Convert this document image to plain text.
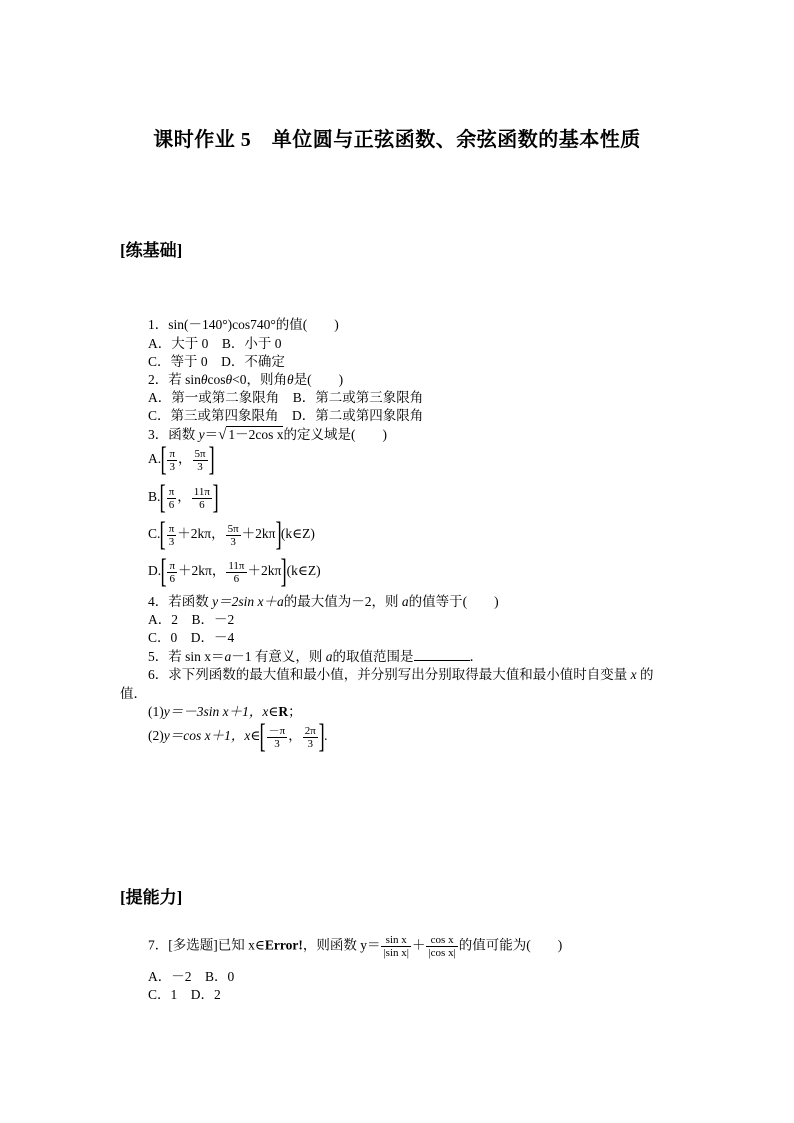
课时作业 5　单位圆与正弦函数、余弦函数的基本性质
[练基础]
1．sin(－140°)cos740°的值(　　)
A．大于 0　B．小于 0
C．等于 0　D．不确定
2．若 sinθcosθ<0，则角θ是(　　)
A．第一或第二象限角　B．第二或第三象限角
C．第三或第四象限角　D．第二或第四象限角
3．函数 y＝√ 1－2cos x的定义域是(　　)
$A.[ \frac{\pi}{3}$ ， $\frac{5\pi}{3}$ ]
$B.[ \frac{\pi}{6}$ ， $\frac{11\pi}{6}$ ]
$C.[ \frac{\pi}{3} +2k\pi$， $\frac{5\pi}{3}$ ＋2kπ](k∈Z)
$D.[ \frac{\pi}{6} +2k\pi$， $\frac{11\pi}{6}$ ＋2kπ](k∈Z)
4．若函数 y＝2sin x＋a的最大值为－2，则 a的值等于(　　)
A．2　B．－2
C．0　D．－4
5．若 sin x＝a－1 有意义，则 a的取值范围是	．
6．求下列函数的最大值和最小值，并分别写出分别取得最大值和最小值时自变量 x 的
值．
(1)y＝－3sin x＋1，x∈R；
(2)y＝cos x＋1，x∈[ $\frac{-\pi}{3}$ ， $\frac{2\pi}{3}$ ].
[提能力]
7．[多选题]已知 x∈Error!，则函数 $y= \frac{\text{sin x}}{\text{|sin x|}} + \frac{\text{cos x}}{\text{|cos x|}}$ 的值可能为(　　)
A．－2　B．0
C．1　D．2
